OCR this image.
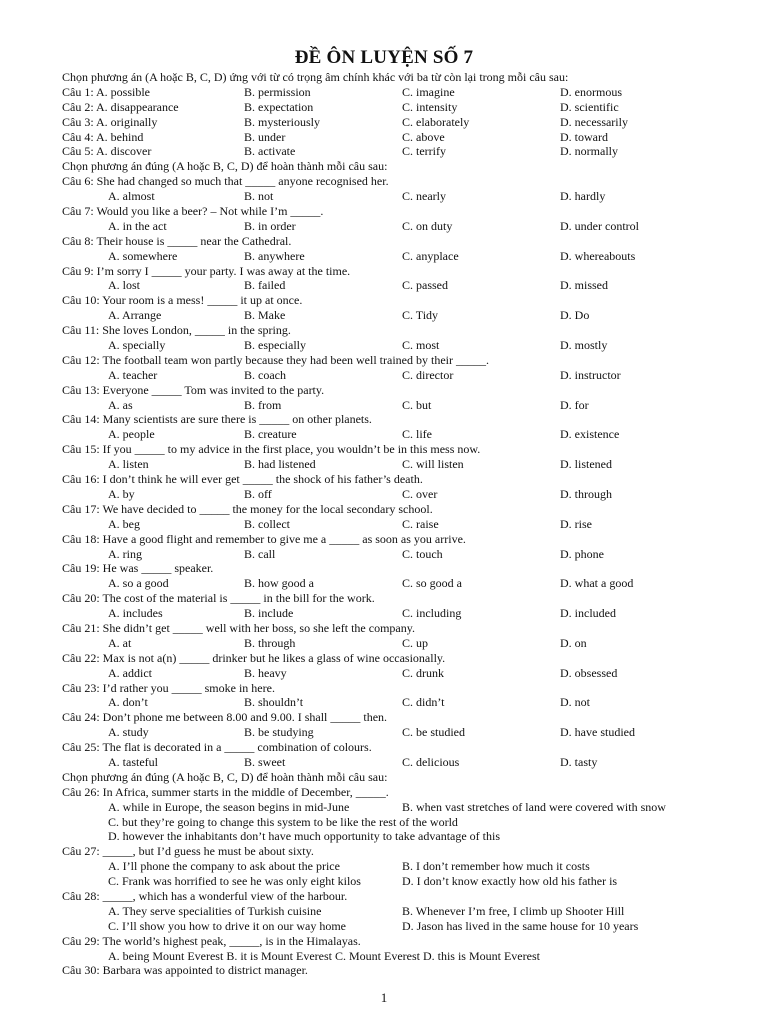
ĐỀ ÔN LUYỆN SỐ 7
Chọn phương án (A hoặc B, C, D) ứng với từ có trọng âm chính khác với ba từ còn lại trong mỗi câu sau:
Câu 1: A. possible	B. permission	C. imagine	D. enormous
Câu 2: A. disappearance	B. expectation	C. intensity	D. scientific
Câu 3: A. originally	B. mysteriously	C. elaborately	D. necessarily
Câu 4: A. behind	B. under	C. above	D. toward
Câu 5: A. discover	B. activate	C. terrify	D. normally
Chọn phương án đúng (A hoặc B, C, D) để hoàn thành mỗi câu sau:
Câu 6: She had changed so much that _____ anyone recognised her.
A. almost	B. not	C. nearly	D. hardly
Câu 7: Would you like a beer? – Not while I’m _____.
A. in the act	B. in order	C. on duty	D. under control
Câu 8: Their house is _____ near the Cathedral.
A. somewhere	B. anywhere	C. anyplace	D. whereabouts
Câu 9: I’m sorry I _____ your party. I was away at the time.
A. lost	B. failed	C. passed	D. missed
Câu 10: Your room is a mess! _____ it up at once.
A. Arrange	B. Make	C. Tidy	D. Do
Câu 11: She loves London, _____ in the spring.
A. specially	B. especially	C. most	D. mostly
Câu 12: The football team won partly because they had been well trained by their _____.
A. teacher	B. coach	C. director	D. instructor
Câu 13: Everyone _____ Tom was invited to the party.
A. as	B. from	C. but	D. for
Câu 14: Many scientists are sure there is _____ on other planets.
A. people	B. creature	C. life	D. existence
Câu 15: If you _____ to my advice in the first place, you wouldn’t be in this mess now.
A. listen	B. had listened	C. will listen	D. listened
Câu 16: I don’t think he will ever get _____ the shock of his father’s death.
A. by	B. off	C. over	D. through
Câu 17: We have decided to _____ the money for the local secondary school.
A. beg	B. collect	C. raise	D. rise
Câu 18: Have a good flight and remember to give me a _____ as soon as you arrive.
A. ring	B. call	C. touch	D. phone
Câu 19: He was _____ speaker.
A. so a good	B. how good a	C. so good a	D. what a good
Câu 20: The cost of the material is _____ in the bill for the work.
A. includes	B. include	C. including	D. included
Câu 21: She didn’t get _____ well with her boss, so she left the company.
A. at	B. through	C. up	D. on
Câu 22: Max is not a(n) _____ drinker but he likes a glass of wine occasionally.
A. addict	B. heavy	C. drunk	D. obsessed
Câu 23: I’d rather you _____ smoke in here.
A. don’t	B. shouldn’t	C. didn’t	D. not
Câu 24: Don’t phone me between 8.00 and 9.00. I shall _____ then.
A. study	B. be studying	C. be studied	D. have studied
Câu 25: The flat is decorated in a _____ combination of colours.
A. tasteful	B. sweet	C. delicious	D. tasty
Chọn phương án đúng (A hoặc B, C, D) để hoàn thành mỗi câu sau:
Câu 26: In Africa, summer starts in the middle of December, _____.
A. while in Europe, the season begins in mid-June	B. when vast stretches of land were covered with snow
C. but they’re going to change this system to be like the rest of the world
D. however the inhabitants don’t have much opportunity to take advantage of this
Câu 27: _____, but I’d guess he must be about sixty.
A. I’ll phone the company to ask about the price	B. I don’t remember how much it costs
C. Frank was horrified to see he was only eight kilos	D. I don’t know exactly how old his father is
Câu 28: _____, which has a wonderful view of the harbour.
A. They serve specialities of Turkish cuisine	B. Whenever I’m free, I climb up Shooter Hill
C. I’ll show you how to drive it on our way home	D. Jason has lived in the same house for 10 years
Câu 29: The world’s highest peak, _____, is in the Himalayas.
A. being Mount Everest B. it is Mount Everest C. Mount Everest D. this is Mount Everest
Câu 30: Barbara was appointed to district manager.
1
